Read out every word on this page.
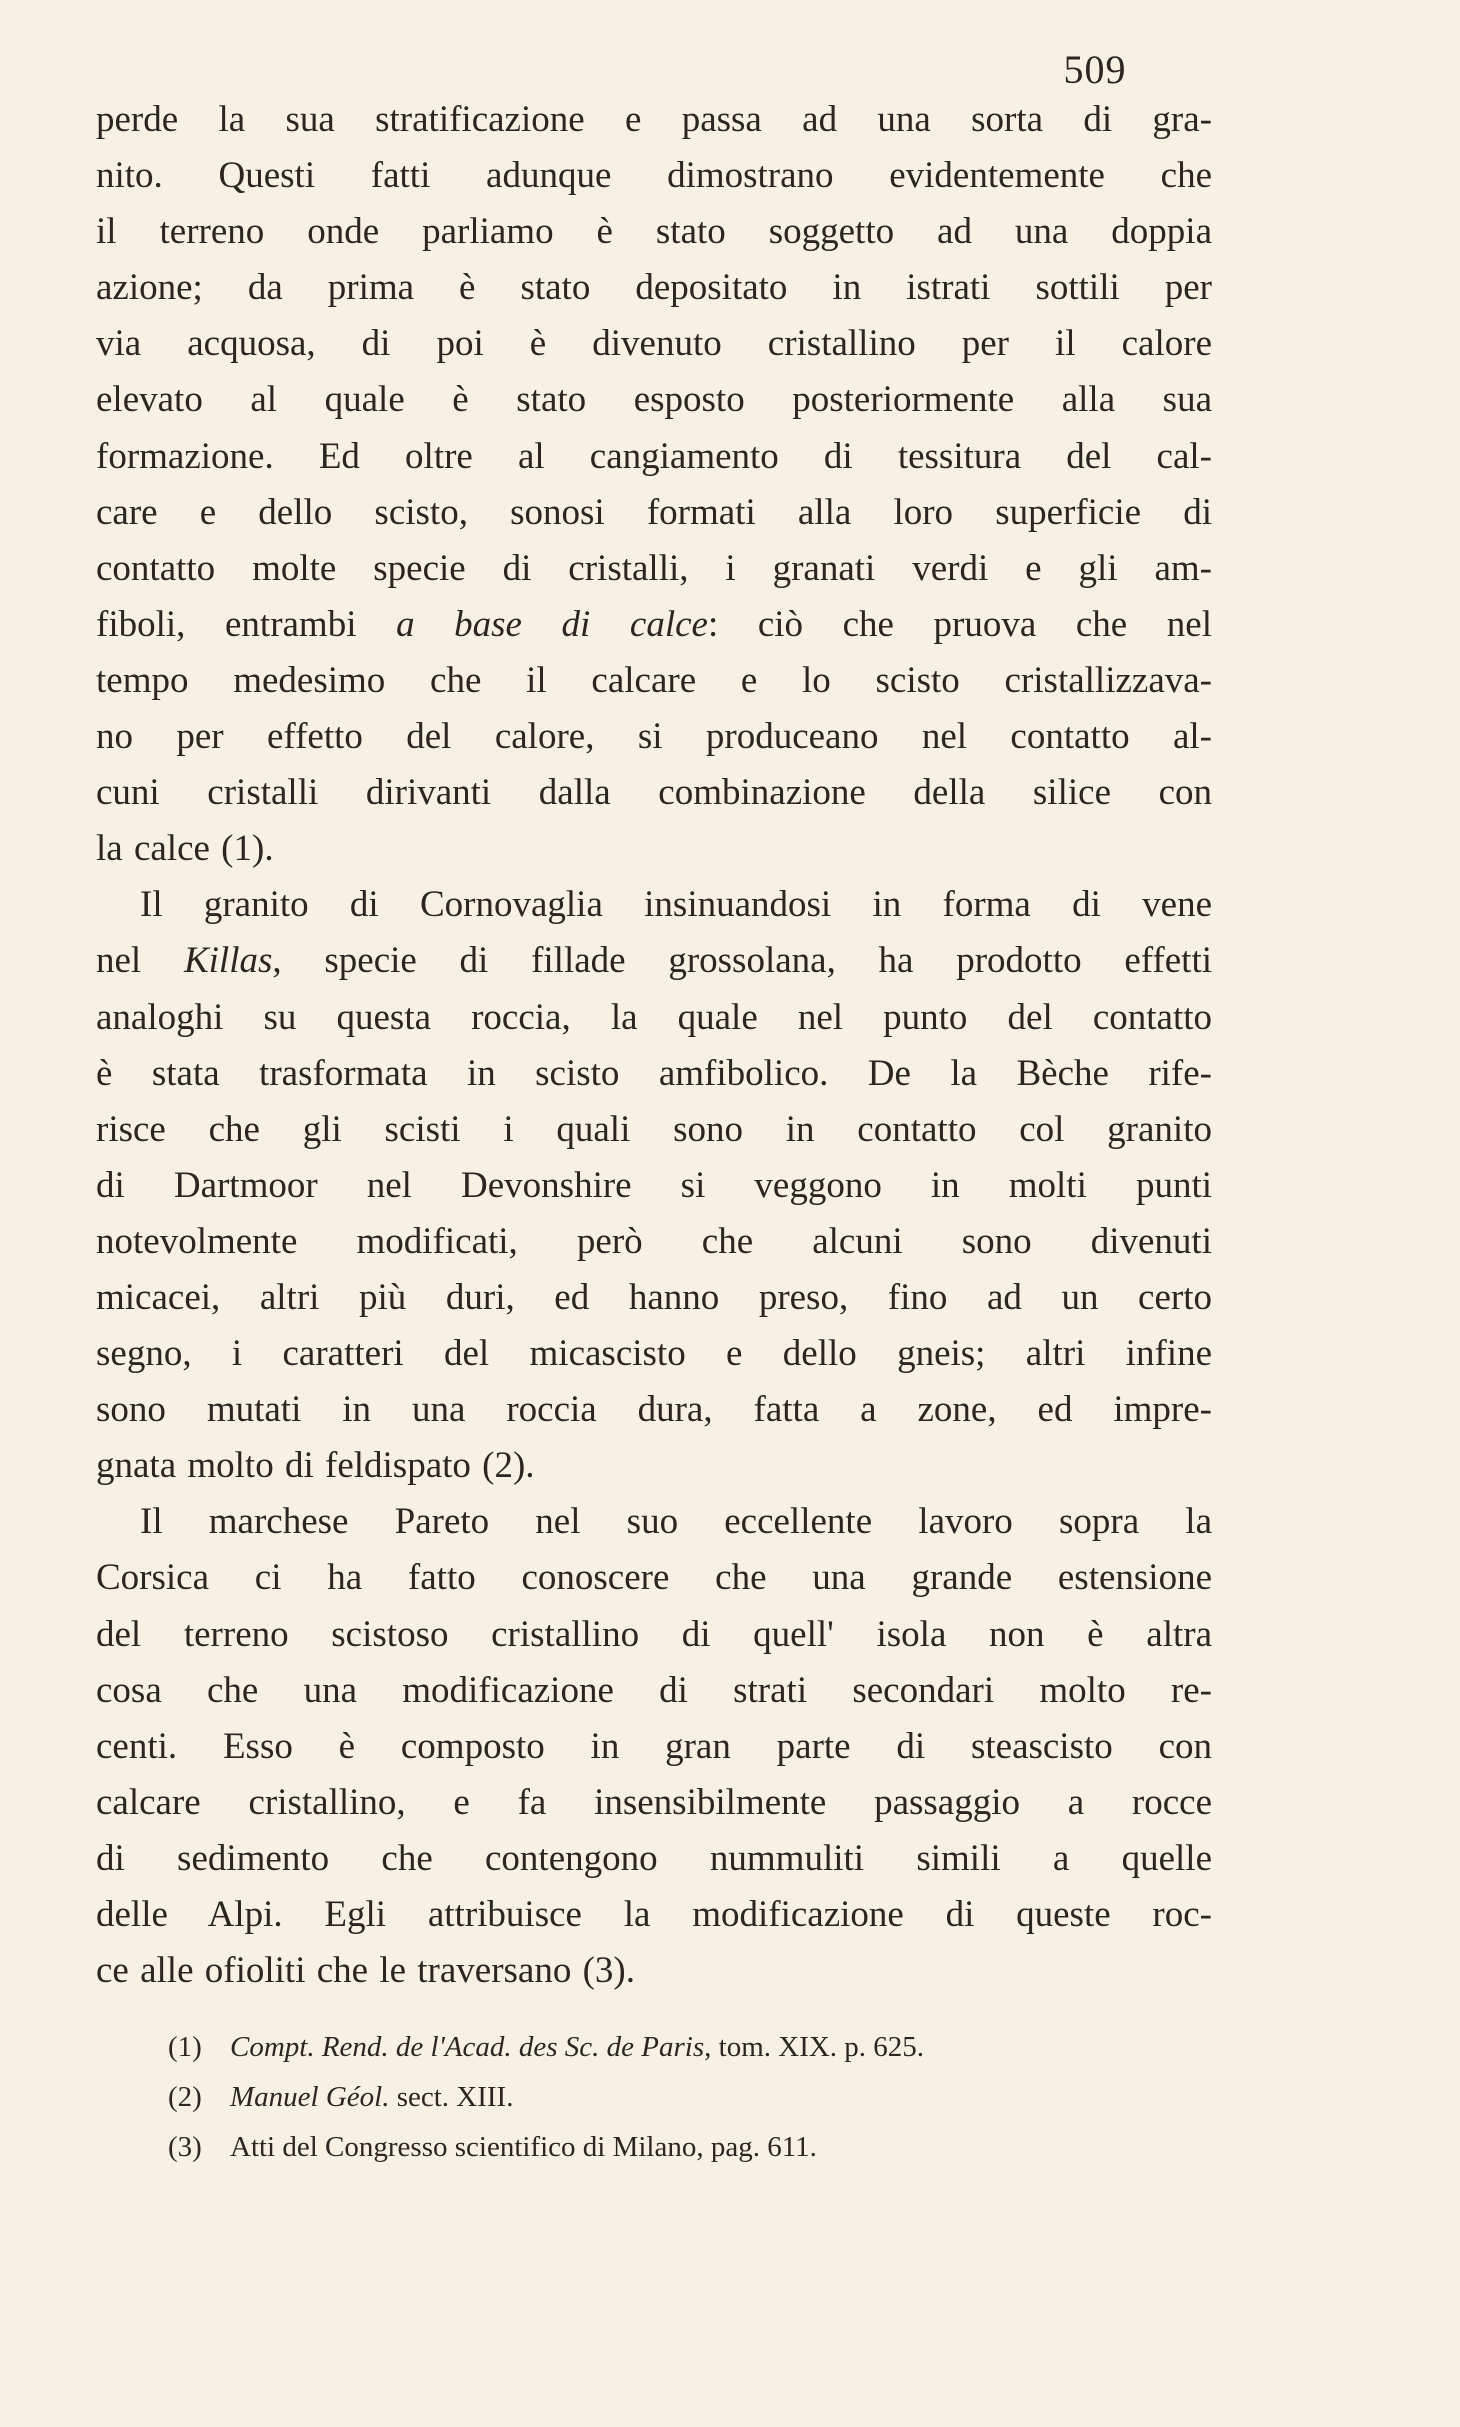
509
perde la sua stratificazione e passa ad una sorta di gra-
nito. Questi fatti adunque dimostrano evidentemente che
il terreno onde parliamo è stato soggetto ad una doppia
azione; da prima è stato depositato in istrati sottili per
via acquosa, di poi è divenuto cristallino per il calore
elevato al quale è stato esposto posteriormente alla sua
formazione. Ed oltre al cangiamento di tessitura del cal-
care e dello scisto, sonosi formati alla loro superficie di
contatto molte specie di cristalli, i granati verdi e gli am-
fiboli, entrambi a base di calce: ciò che pruova che nel
tempo medesimo che il calcare e lo scisto cristallizzava-
no per effetto del calore, si produceano nel contatto al-
cuni cristalli dirivanti dalla combinazione della silice con
la calce (1).
Il granito di Cornovaglia insinuandosi in forma di vene
nel Killas, specie di fillade grossolana, ha prodotto effetti
analoghi su questa roccia, la quale nel punto del contatto
è stata trasformata in scisto amfibolico. De la Bèche rife-
risce che gli scisti i quali sono in contatto col granito
di Dartmoor nel Devonshire si veggono in molti punti
notevolmente modificati, però che alcuni sono divenuti
micacei, altri più duri, ed hanno preso, fino ad un certo
segno, i caratteri del micascisto e dello gneis; altri infine
sono mutati in una roccia dura, fatta a zone, ed impre-
gnata molto di feldispato (2).
Il marchese Pareto nel suo eccellente lavoro sopra la
Corsica ci ha fatto conoscere che una grande estensione
del terreno scistoso cristallino di quell' isola non è altra
cosa che una modificazione di strati secondari molto re-
centi. Esso è composto in gran parte di steascisto con
calcare cristallino, e fa insensibilmente passaggio a rocce
di sedimento che contengono nummuliti simili a quelle
delle Alpi. Egli attribuisce la modificazione di queste roc-
ce alle ofioliti che le traversano (3).
(1) Compt. Rend. de l'Acad. des Sc. de Paris, tom. XIX. p. 625.
(2) Manuel Géol. sect. XIII.
(3) Atti del Congresso scientifico di Milano, pag. 611.
